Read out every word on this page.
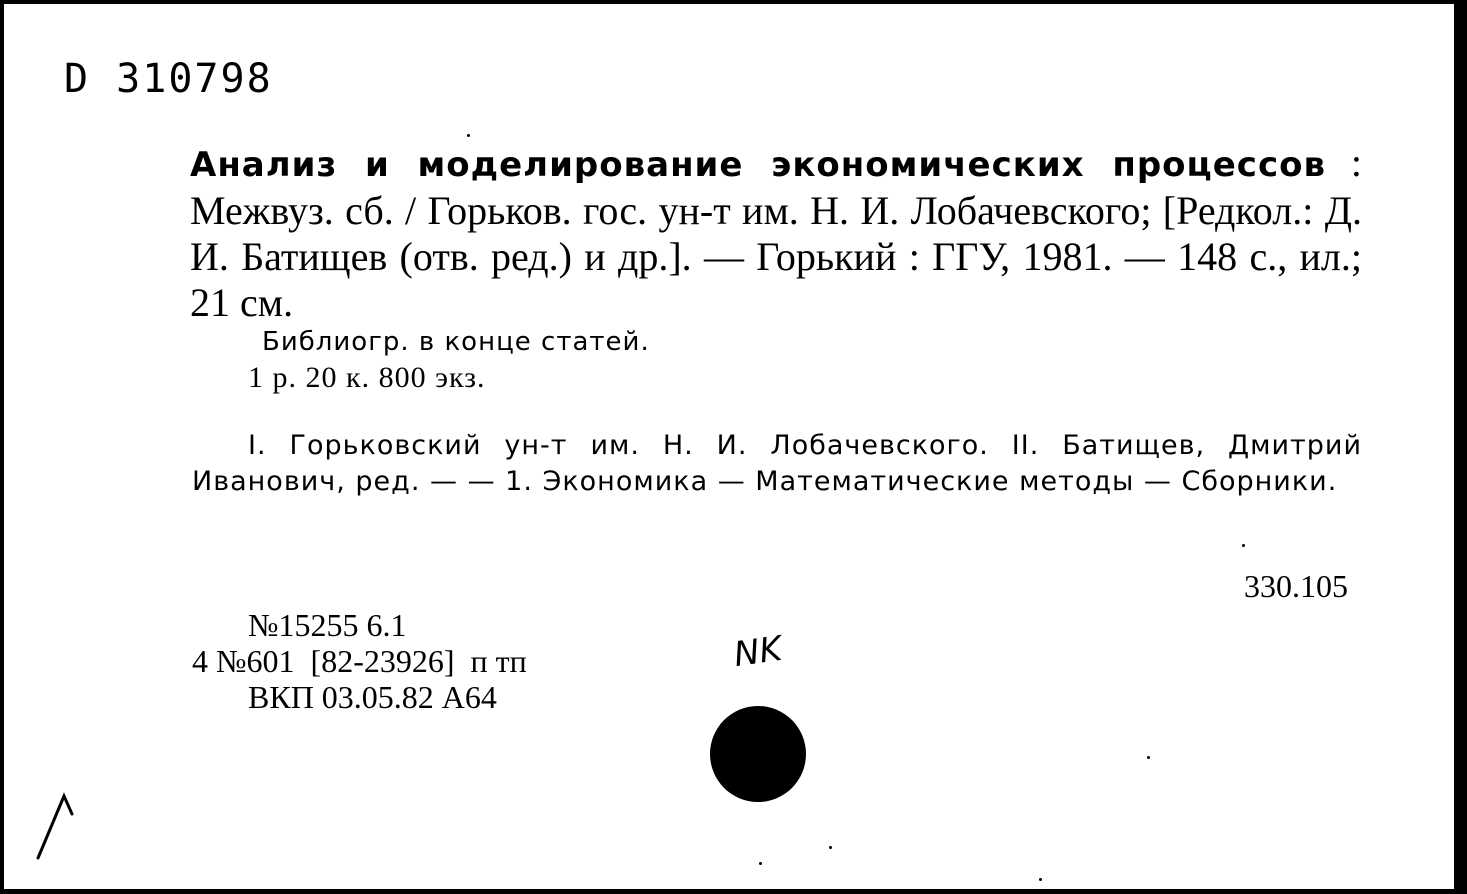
D 310798
Анализ и моделирование экономических процессов : Межвуз. сб. / Горьков. гос. ун-т им. Н. И. Лобачевского; [Редкол.: Д. И. Батищев (отв. ред.) и др.]. — Горький : ГГУ, 1981. — 148 с., ил.; 21 см.
Библиогр. в конце статей.
1 р. 20 к. 800 экз.
I. Горьковский ун-т им. Н. И. Лобачевского. II. Батищев, Дмитрий Иванович, ред. — — 1. Экономика — Математические методы — Сборники.
330.105
№15255 6.1
4 №601  [82-23926]  п тп
ВКП 03.05.82 А64
NK
